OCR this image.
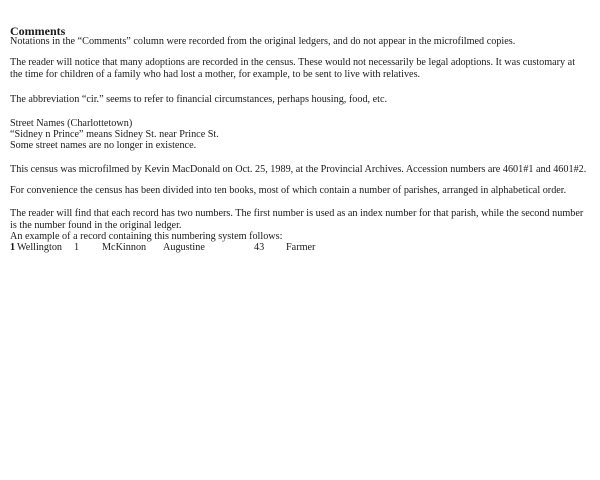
Comments

Notations in the “Comments” column were recorded from the original ledgers, and do not appear in the microfilmed copies.

The reader will notice that many adoptions are recorded in the census. These would not necessarily be legal adoptions. It was customary at the time for children of a family who had lost a mother, for example, to be sent to live with relatives.

The abbreviation “cir.” seems to refer to financial circumstances, perhaps housing, food, etc.

Street Names (Charlottetown)

“Sidney n Prince” means Sidney St. near Prince St.

Some street names are no longer in existence.

This census was microfilmed by Kevin MacDonald on Oct. 25, 1989, at the Provincial Archives. Accession numbers are 4601#1 and 4601#2.

For convenience the census has been divided into ten books, most of which contain a number of parishes, arranged in alphabetical order.

The reader will find that each record has two numbers. The first number is used as an index number for that parish, while the second number is the number found in the original ledger.

An example of a record containing this numbering system follows:

1 Wellington 1 McKinnon Augustine	43 Farmer
